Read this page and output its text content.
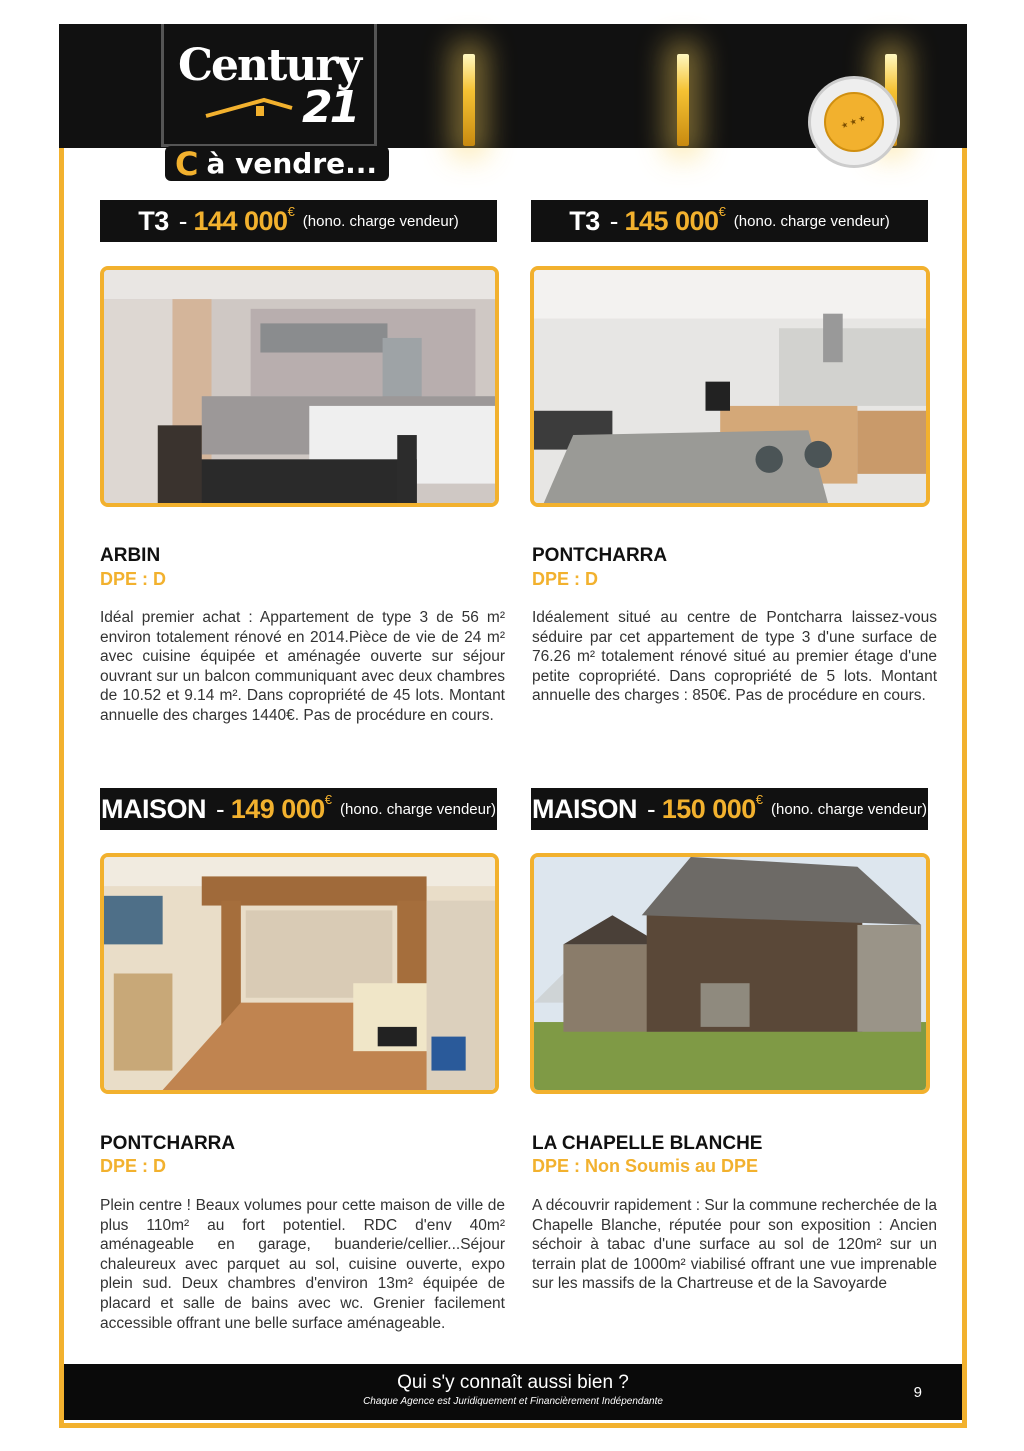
Century
21
C à vendre...
★ ★ ★
T3 - 144 000 €
(hono. charge vendeur)
ARBIN
DPE : D
Idéal premier achat : Appartement de type 3 de 56 m² environ totalement rénové en 2014.Pièce de vie de 24 m² avec cuisine équipée et aménagée ouverte sur séjour ouvrant sur un balcon communiquant avec deux chambres de 10.52 et 9.14 m². Dans copropriété de 45 lots. Montant annuelle des charges 1440€. Pas de procédure en cours.
T3 - 145 000 €
(hono. charge vendeur)
PONTCHARRA
DPE : D
Idéalement situé au centre de Pontcharra laissez-vous séduire par cet appartement de type 3 d'une surface de 76.26 m² totalement rénové situé au premier étage d'une petite copropriété. Dans copropriété de 5 lots. Montant annuelle des charges : 850€. Pas de procédure en cours.
MAISON - 149 000 €
(hono. charge vendeur)
PONTCHARRA
DPE : D
Plein centre ! Beaux volumes pour cette maison de ville de plus 110m² au fort potentiel. RDC d'env 40m² aménageable en garage, buanderie/cellier...Séjour chaleureux avec parquet au sol, cuisine ouverte, expo plein sud. Deux chambres d'environ 13m² équipée de placard et salle de bains avec wc. Grenier facilement accessible offrant une belle surface aménageable.
MAISON - 150 000 €
(hono. charge vendeur)
LA CHAPELLE BLANCHE
DPE : Non Soumis au DPE
A découvrir rapidement : Sur la commune recherchée de la Chapelle Blanche, réputée pour son exposition : Ancien séchoir à tabac d'une surface au sol de 120m² sur un terrain plat de 1000m² viabilisé offrant une vue imprenable sur les massifs de la Chartreuse et de la Savoyarde
Qui s'y connaît aussi bien ?
Chaque Agence est Juridiquement et Financièrement Indépendante
9
